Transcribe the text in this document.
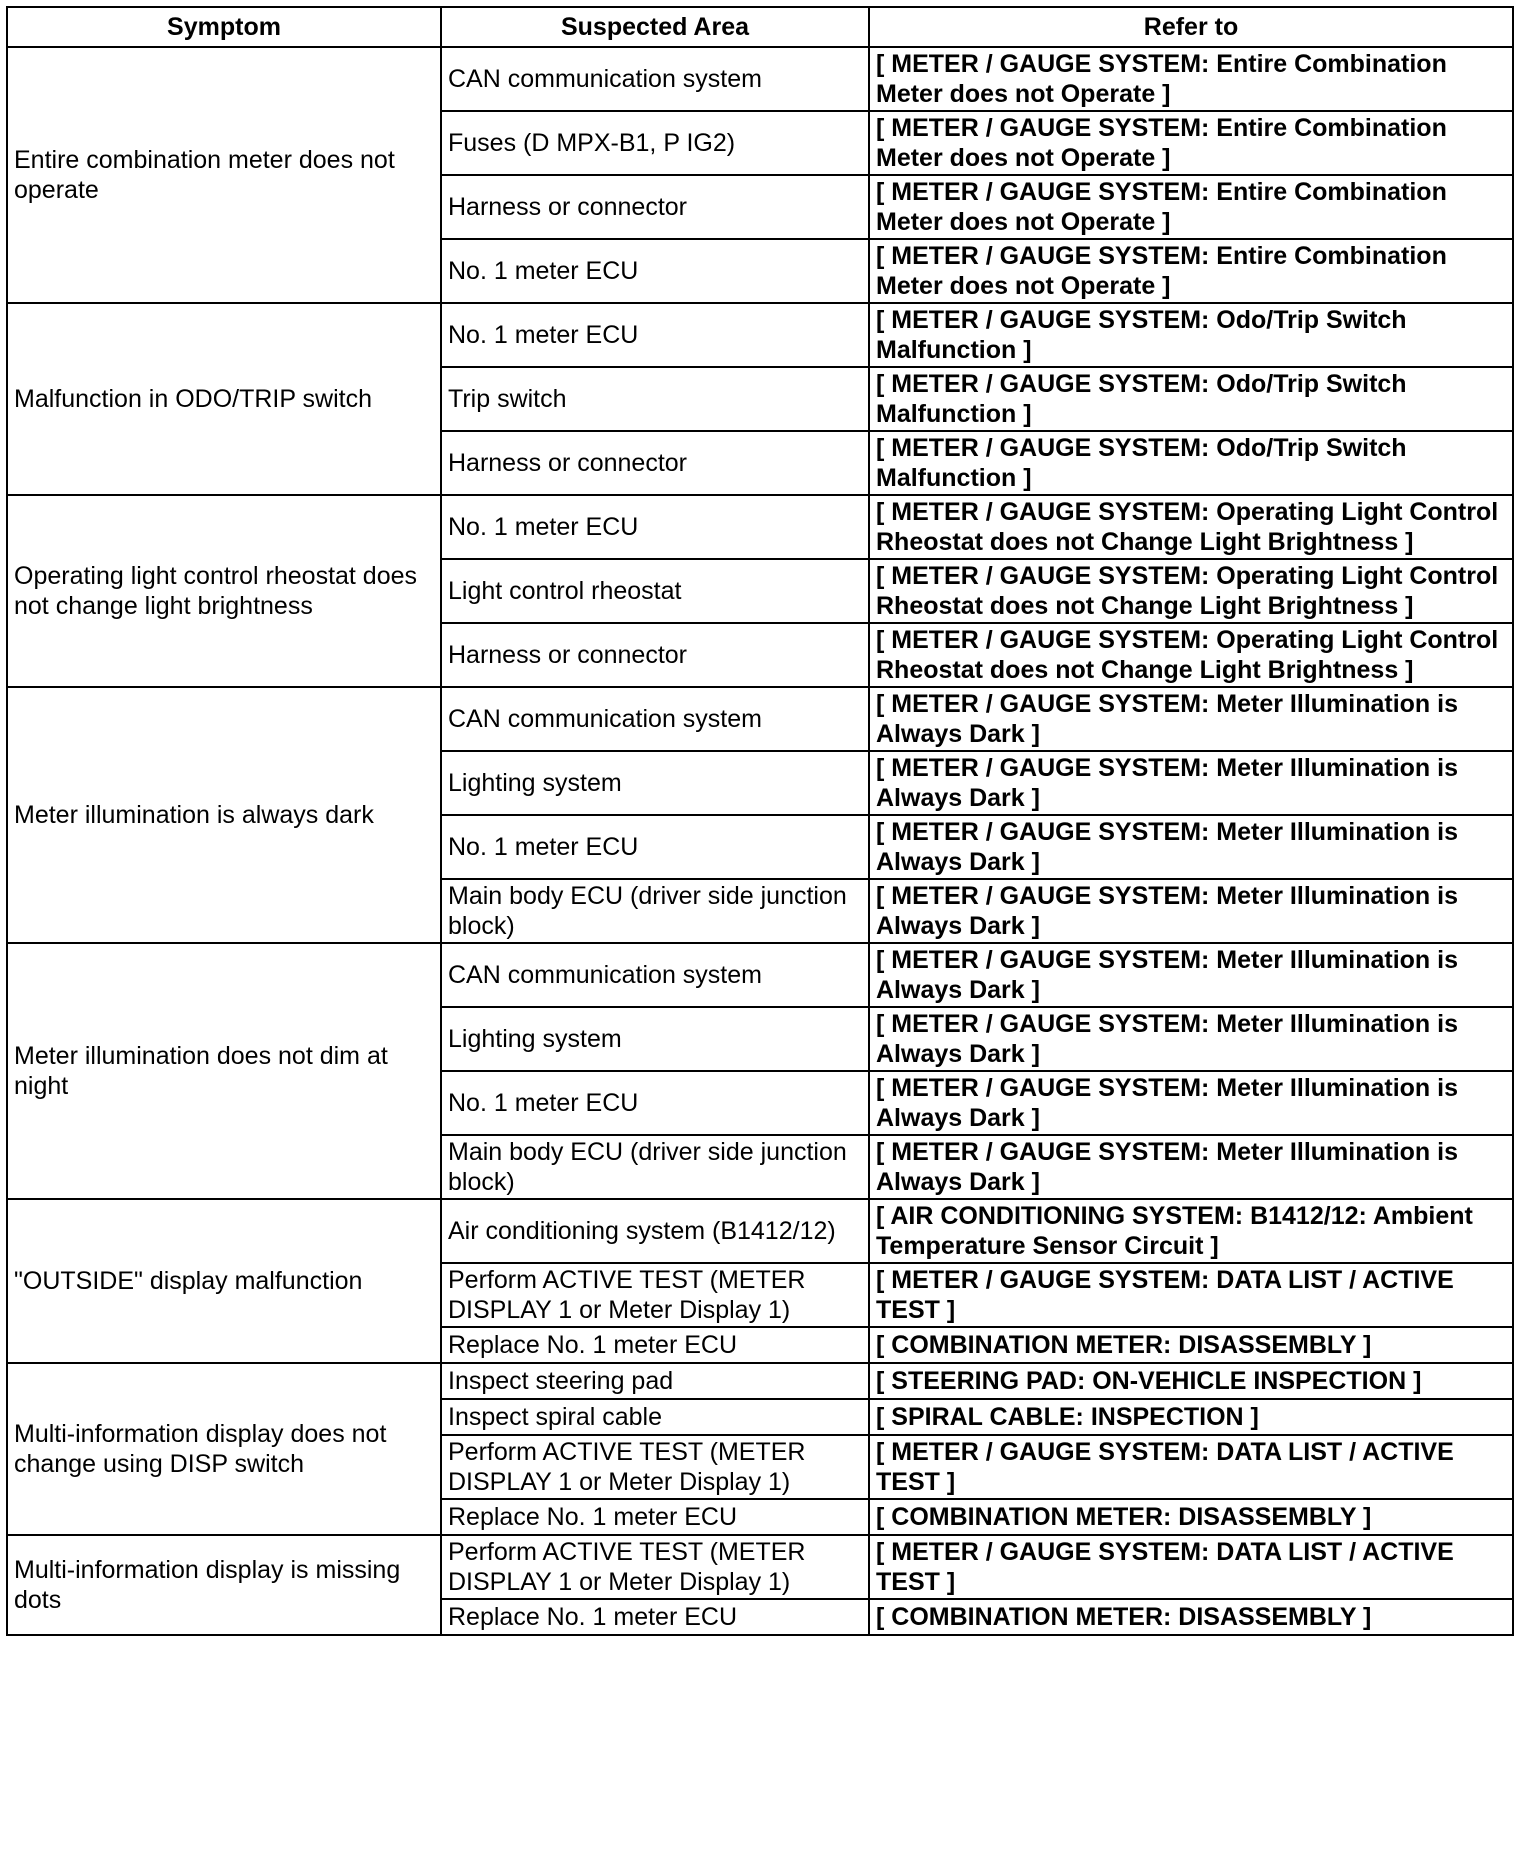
Symptom	Suspected Area	Refer to
Entire combination meter does not operate	CAN communication system	[ METER / GAUGE SYSTEM: Entire Combination Meter does not Operate ]
	Fuses (D MPX-B1, P IG2)	[ METER / GAUGE SYSTEM: Entire Combination Meter does not Operate ]
	Harness or connector	[ METER / GAUGE SYSTEM: Entire Combination Meter does not Operate ]
	No. 1 meter ECU	[ METER / GAUGE SYSTEM: Entire Combination Meter does not Operate ]
Malfunction in ODO/TRIP switch	No. 1 meter ECU	[ METER / GAUGE SYSTEM: Odo/Trip Switch Malfunction ]
	Trip switch	[ METER / GAUGE SYSTEM: Odo/Trip Switch Malfunction ]
	Harness or connector	[ METER / GAUGE SYSTEM: Odo/Trip Switch Malfunction ]
Operating light control rheostat does not change light brightness	No. 1 meter ECU	[ METER / GAUGE SYSTEM: Operating Light Control Rheostat does not Change Light Brightness ]
	Light control rheostat	[ METER / GAUGE SYSTEM: Operating Light Control Rheostat does not Change Light Brightness ]
	Harness or connector	[ METER / GAUGE SYSTEM: Operating Light Control Rheostat does not Change Light Brightness ]
Meter illumination is always dark	CAN communication system	[ METER / GAUGE SYSTEM: Meter Illumination is Always Dark ]
	Lighting system	[ METER / GAUGE SYSTEM: Meter Illumination is Always Dark ]
	No. 1 meter ECU	[ METER / GAUGE SYSTEM: Meter Illumination is Always Dark ]
	Main body ECU (driver side junction block)	[ METER / GAUGE SYSTEM: Meter Illumination is Always Dark ]
Meter illumination does not dim at night	CAN communication system	[ METER / GAUGE SYSTEM: Meter Illumination is Always Dark ]
	Lighting system	[ METER / GAUGE SYSTEM: Meter Illumination is Always Dark ]
	No. 1 meter ECU	[ METER / GAUGE SYSTEM: Meter Illumination is Always Dark ]
	Main body ECU (driver side junction block)	[ METER / GAUGE SYSTEM: Meter Illumination is Always Dark ]
"OUTSIDE" display malfunction	Air conditioning system (B1412/12)	[ AIR CONDITIONING SYSTEM: B1412/12: Ambient Temperature Sensor Circuit ]
	Perform ACTIVE TEST (METER DISPLAY 1 or Meter Display 1)	[ METER / GAUGE SYSTEM: DATA LIST / ACTIVE TEST ]
	Replace No. 1 meter ECU	[ COMBINATION METER: DISASSEMBLY ]
Multi-information display does not change using DISP switch	Inspect steering pad	[ STEERING PAD: ON-VEHICLE INSPECTION ]
	Inspect spiral cable	[ SPIRAL CABLE: INSPECTION ]
	Perform ACTIVE TEST (METER DISPLAY 1 or Meter Display 1)	[ METER / GAUGE SYSTEM: DATA LIST / ACTIVE TEST ]
	Replace No. 1 meter ECU	[ COMBINATION METER: DISASSEMBLY ]
Multi-information display is missing dots	Perform ACTIVE TEST (METER DISPLAY 1 or Meter Display 1)	[ METER / GAUGE SYSTEM: DATA LIST / ACTIVE TEST ]
	Replace No. 1 meter ECU	[ COMBINATION METER: DISASSEMBLY ]
